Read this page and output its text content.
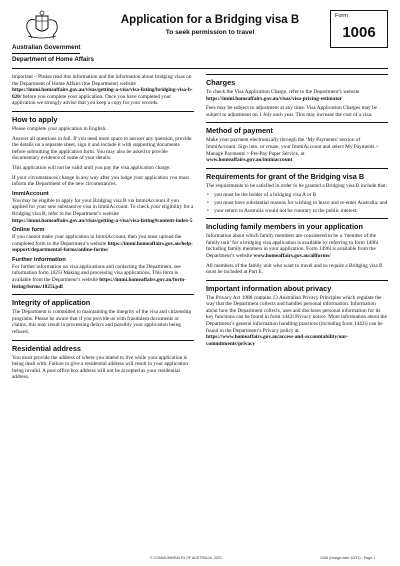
Australian Government
Department of Home Affairs
Application for a Bridging visa B
To seek permission to travel
Form
1006

Important – Please read this information and the information about bridging visas on the Department of Home Affairs (the Department) website https://immi.homeaffairs.gov.au/visas/getting-a-visa/visa-listing/bridging-visa-b-020/ before you complete your application. Once you have completed your application we strongly advise that you keep a copy for your records.

How to apply

Please complete your application in English.

Answer all questions in full. If you need more space to answer any question, provide the details on a separate sheet, sign it and include it with supporting documents before submitting the application form. You may also be asked to provide documentary evidence of some of your details.

This application will not be valid until you pay the visa application charge.

If your circumstances change in any way after you lodge your application you must inform the Department of the new circumstances.

ImmiAccount

You may be eligible to apply for your Bridging visa B via ImmiAccount if you applied for your new substantive visa in ImmiAccount. To check your eligibility for a Bridging visa B, refer to the Department’s website https://immi.homeaffairs.gov.au/visas/getting-a-visa/visa-listing#content-index-5

Online form

If you cannot make your application in ImmiAccount, then you must upload the completed form to the Department’s website https://immi.homeaffairs.gov.au/help-support/departmental-forms/online-forms/

Further information

For further information on visa applications and contacting the Department, see information form 1025i Making and processing visa applications. This form is available from the Department’s website https://immi.homeaffairs.gov.au/form-listing/forms/1025i.pdf

Integrity of application

The Department is committed to maintaining the integrity of the visa and citizenship programs. Please be aware that if you provide us with fraudulent documents or claims, this may result in processing delays and possibly your application being refused.

Residential address

You must provide the address of where you intend to live while your application is being dealt with. Failure to give a residential address will result in your application being invalid. A post office box address will not be accepted as your residential address.

Charges

To check the Visa Application Charge, refer to the Department’s website https://immi.homeaffairs.gov.au/visas/visa-pricing-estimator

Fees may be subject to adjustment at any time. Visa Application Charges may be subject to adjustment on 1 July each year. This may increase the cost of a visa.

Method of payment

Make your payment electronically through the ‘My Payments’ section of ImmiAccount. Sign into, or create, your ImmiAccount and select My Payments > Manage Payments > Pre-Pay Paper Service, at www.homeaffairs.gov.au/immiaccount

Requirements for grant of the Bridging visa B

The requirements to be satisfied in order to be granted a Bridging visa B include that:

• you must be the holder of a bridging visa A or B
• you must have substantial reasons for wishing to leave and re-enter Australia; and
• your return to Australia would not be contrary to the public interest.
Including family members in your application

Information about which family members are considered to be a ‘member of the family unit’ for a bridging visa application is available by referring to form 1496i Including family members in your application. Form 1496i is available from the Department’s website www.homeaffairs.gov.au/allforms/

All members of the family unit who want to travel and so require a Bridging visa B must be included at Part E.

Important information about privacy

The Privacy Act 1988 contains 13 Australian Privacy Principles which regulate the way that the Department collects and handles personal information. Information about how the Department collects, uses and discloses personal information for its key functions can be found in form 1442i Privacy notice. More information about the Department’s general information handling practices (including form 1442i) can be found in the Department’s Privacy policy at https://www.homeaffairs.gov.au/access-and-accountability/our-commitments/privacy

© COMMONWEALTH OF AUSTRALIA, 2021	1006 (Design date 10/21) - Page 1
